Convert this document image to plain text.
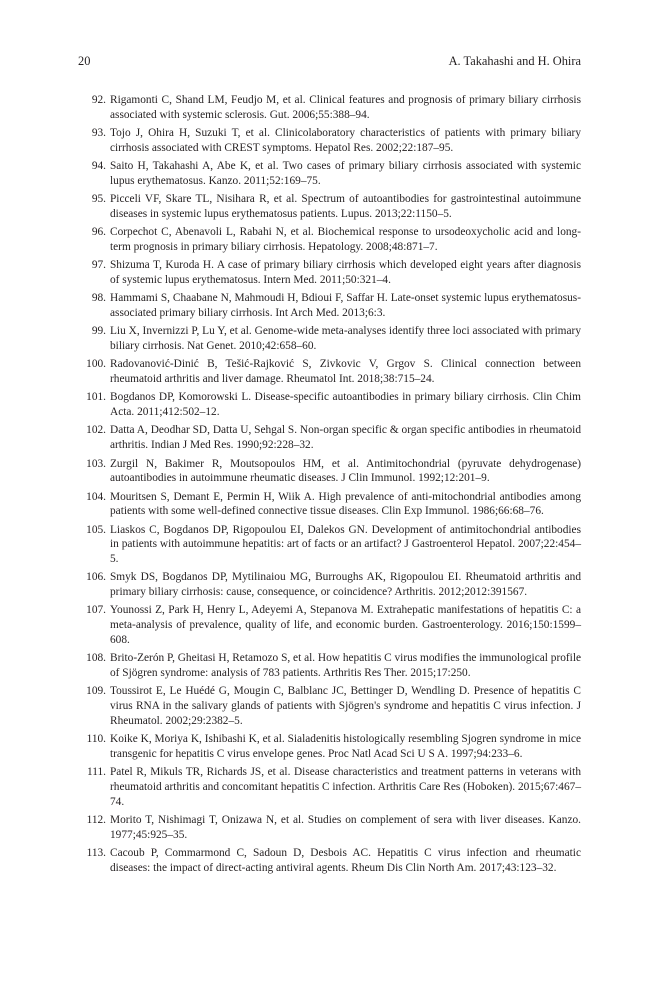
20	A. Takahashi and H. Ohira
92. Rigamonti C, Shand LM, Feudjo M, et al. Clinical features and prognosis of primary biliary cirrhosis associated with systemic sclerosis. Gut. 2006;55:388–94.
93. Tojo J, Ohira H, Suzuki T, et al. Clinicolaboratory characteristics of patients with primary biliary cirrhosis associated with CREST symptoms. Hepatol Res. 2002;22:187–95.
94. Saito H, Takahashi A, Abe K, et al. Two cases of primary biliary cirrhosis associated with systemic lupus erythematosus. Kanzo. 2011;52:169–75.
95. Picceli VF, Skare TL, Nisihara R, et al. Spectrum of autoantibodies for gastrointestinal autoimmune diseases in systemic lupus erythematosus patients. Lupus. 2013;22:1150–5.
96. Corpechot C, Abenavoli L, Rabahi N, et al. Biochemical response to ursodeoxycholic acid and long-term prognosis in primary biliary cirrhosis. Hepatology. 2008;48:871–7.
97. Shizuma T, Kuroda H. A case of primary biliary cirrhosis which developed eight years after diagnosis of systemic lupus erythematosus. Intern Med. 2011;50:321–4.
98. Hammami S, Chaabane N, Mahmoudi H, Bdioui F, Saffar H. Late-onset systemic lupus erythematosus-associated primary biliary cirrhosis. Int Arch Med. 2013;6:3.
99. Liu X, Invernizzi P, Lu Y, et al. Genome-wide meta-analyses identify three loci associated with primary biliary cirrhosis. Nat Genet. 2010;42:658–60.
100. Radovanović-Dinić B, Tešić-Rajković S, Zivkovic V, Grgov S. Clinical connection between rheumatoid arthritis and liver damage. Rheumatol Int. 2018;38:715–24.
101. Bogdanos DP, Komorowski L. Disease-specific autoantibodies in primary biliary cirrhosis. Clin Chim Acta. 2011;412:502–12.
102. Datta A, Deodhar SD, Datta U, Sehgal S. Non-organ specific & organ specific antibodies in rheumatoid arthritis. Indian J Med Res. 1990;92:228–32.
103. Zurgil N, Bakimer R, Moutsopoulos HM, et al. Antimitochondrial (pyruvate dehydrogenase) autoantibodies in autoimmune rheumatic diseases. J Clin Immunol. 1992;12:201–9.
104. Mouritsen S, Demant E, Permin H, Wiik A. High prevalence of anti-mitochondrial antibodies among patients with some well-defined connective tissue diseases. Clin Exp Immunol. 1986;66:68–76.
105. Liaskos C, Bogdanos DP, Rigopoulou EI, Dalekos GN. Development of antimitochondrial antibodies in patients with autoimmune hepatitis: art of facts or an artifact? J Gastroenterol Hepatol. 2007;22:454–5.
106. Smyk DS, Bogdanos DP, Mytilinaiou MG, Burroughs AK, Rigopoulou EI. Rheumatoid arthritis and primary biliary cirrhosis: cause, consequence, or coincidence? Arthritis. 2012;2012:391567.
107. Younossi Z, Park H, Henry L, Adeyemi A, Stepanova M. Extrahepatic manifestations of hepatitis C: a meta-analysis of prevalence, quality of life, and economic burden. Gastroenterology. 2016;150:1599–608.
108. Brito-Zerón P, Gheitasi H, Retamozo S, et al. How hepatitis C virus modifies the immunological profile of Sjögren syndrome: analysis of 783 patients. Arthritis Res Ther. 2015;17:250.
109. Toussirot E, Le Huédé G, Mougin C, Balblanc JC, Bettinger D, Wendling D. Presence of hepatitis C virus RNA in the salivary glands of patients with Sjögren's syndrome and hepatitis C virus infection. J Rheumatol. 2002;29:2382–5.
110. Koike K, Moriya K, Ishibashi K, et al. Sialadenitis histologically resembling Sjogren syndrome in mice transgenic for hepatitis C virus envelope genes. Proc Natl Acad Sci U S A. 1997;94:233–6.
111. Patel R, Mikuls TR, Richards JS, et al. Disease characteristics and treatment patterns in veterans with rheumatoid arthritis and concomitant hepatitis C infection. Arthritis Care Res (Hoboken). 2015;67:467–74.
112. Morito T, Nishimagi T, Onizawa N, et al. Studies on complement of sera with liver diseases. Kanzo. 1977;45:925–35.
113. Cacoub P, Commarmond C, Sadoun D, Desbois AC. Hepatitis C virus infection and rheumatic diseases: the impact of direct-acting antiviral agents. Rheum Dis Clin North Am. 2017;43:123–32.
